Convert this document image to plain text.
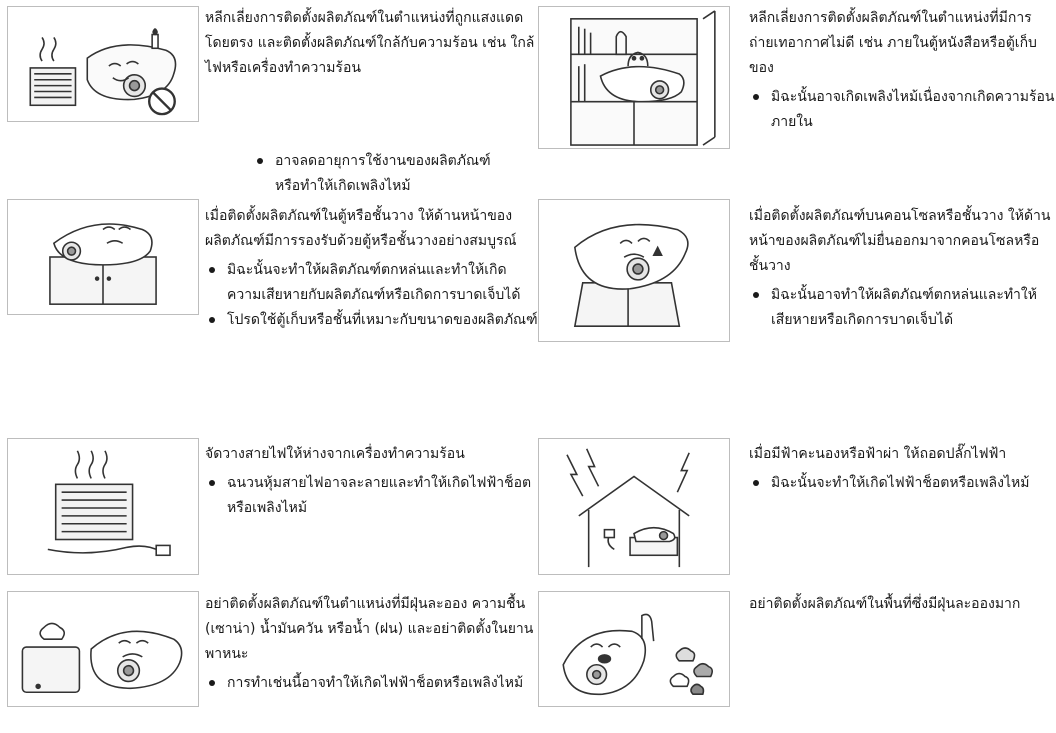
หลีกเลี่ยงการติดตั้งผลิตภัณฑ์ในตำแหน่งที่ถูกแสงแดดโดยตรง และติดตั้งผลิตภัณฑ์ใกล้กับความร้อน เช่น ใกล้ไฟหรือเครื่องทำความร้อน

อาจลดอายุการใช้งานของผลิตภัณฑ์หรือทำให้เกิดเพลิงไหม้

หลีกเลี่ยงการติดตั้งผลิตภัณฑ์ในตำแหน่งที่มีการถ่ายเทอากาศไม่ดี เช่น ภายในตู้หนังสือหรือตู้เก็บของ

มิฉะนั้นอาจเกิดเพลิงไหม้เนื่องจากเกิดความร้อนภายใน

เมื่อติดตั้งผลิตภัณฑ์ในตู้หรือชั้นวาง ให้ด้านหน้าของผลิตภัณฑ์มีการรองรับด้วยตู้หรือชั้นวางอย่างสมบูรณ์

มิฉะนั้นจะทำให้ผลิตภัณฑ์ตกหล่นและทำให้เกิดความเสียหายกับผลิตภัณฑ์หรือเกิดการบาดเจ็บได้
โปรดใช้ตู้เก็บหรือชั้นที่เหมาะกับขนาดของผลิตภัณฑ์

เมื่อติดตั้งผลิตภัณฑ์บนคอนโซลหรือชั้นวาง ให้ด้านหน้าของผลิตภัณฑ์ไม่ยื่นออกมาจากคอนโซลหรือชั้นวาง

มิฉะนั้นอาจทำให้ผลิตภัณฑ์ตกหล่นและทำให้เสียหายหรือเกิดการบาดเจ็บได้

จัดวางสายไฟให้ห่างจากเครื่องทำความร้อน

ฉนวนหุ้มสายไฟอาจละลายและทำให้เกิดไฟฟ้าช็อตหรือเพลิงไหม้

เมื่อมีฟ้าคะนองหรือฟ้าผ่า ให้ถอดปลั๊กไฟฟ้า

มิฉะนั้นจะทำให้เกิดไฟฟ้าช็อตหรือเพลิงไหม้

อย่าติดตั้งผลิตภัณฑ์ในตำแหน่งที่มีฝุ่นละออง ความชื้น (เซาน่า) น้ำมันควัน หรือน้ำ (ฝน) และอย่าติดตั้งในยานพาหนะ

การทำเช่นนี้อาจทำให้เกิดไฟฟ้าช็อตหรือเพลิงไหม้

อย่าติดตั้งผลิตภัณฑ์ในพื้นที่ซึ่งมีฝุ่นละอองมาก
